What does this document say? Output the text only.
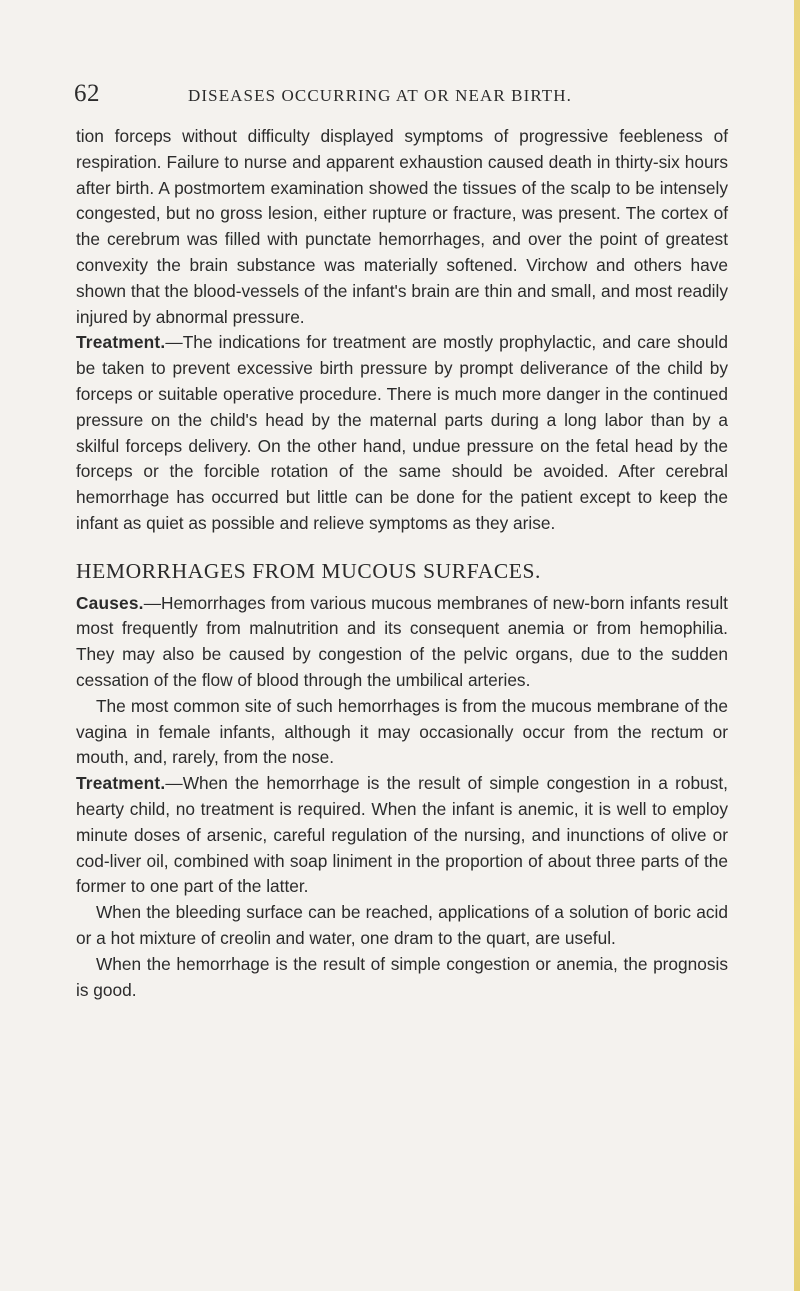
62	DISEASES OCCURRING AT OR NEAR BIRTH.

tion forceps without difficulty displayed symptoms of progressive feebleness of respiration. Failure to nurse and apparent exhaustion caused death in thirty-six hours after birth. A postmortem examination showed the tissues of the scalp to be intensely congested, but no gross lesion, either rupture or fracture, was present. The cortex of the cerebrum was filled with punctate hemorrhages, and over the point of greatest convexity the brain substance was materially softened. Virchow and others have shown that the blood-vessels of the infant's brain are thin and small, and most readily injured by abnormal pressure.

Treatment.—The indications for treatment are mostly prophylactic, and care should be taken to prevent excessive birth pressure by prompt deliverance of the child by forceps or suitable operative procedure. There is much more danger in the continued pressure on the child's head by the maternal parts during a long labor than by a skilful forceps delivery. On the other hand, undue pressure on the fetal head by the forceps or the forcible rotation of the same should be avoided. After cerebral hemorrhage has occurred but little can be done for the patient except to keep the infant as quiet as possible and relieve symptoms as they arise.

HEMORRHAGES FROM MUCOUS SURFACES.

Causes.—Hemorrhages from various mucous membranes of new-born infants result most frequently from malnutrition and its consequent anemia or from hemophilia. They may also be caused by congestion of the pelvic organs, due to the sudden cessation of the flow of blood through the umbilical arteries.

The most common site of such hemorrhages is from the mucous membrane of the vagina in female infants, although it may occasionally occur from the rectum or mouth, and, rarely, from the nose.

Treatment.—When the hemorrhage is the result of simple congestion in a robust, hearty child, no treatment is required. When the infant is anemic, it is well to employ minute doses of arsenic, careful regulation of the nursing, and inunctions of olive or cod-liver oil, combined with soap liniment in the proportion of about three parts of the former to one part of the latter.

When the bleeding surface can be reached, applications of a solution of boric acid or a hot mixture of creolin and water, one dram to the quart, are useful.

When the hemorrhage is the result of simple congestion or anemia, the prognosis is good.
